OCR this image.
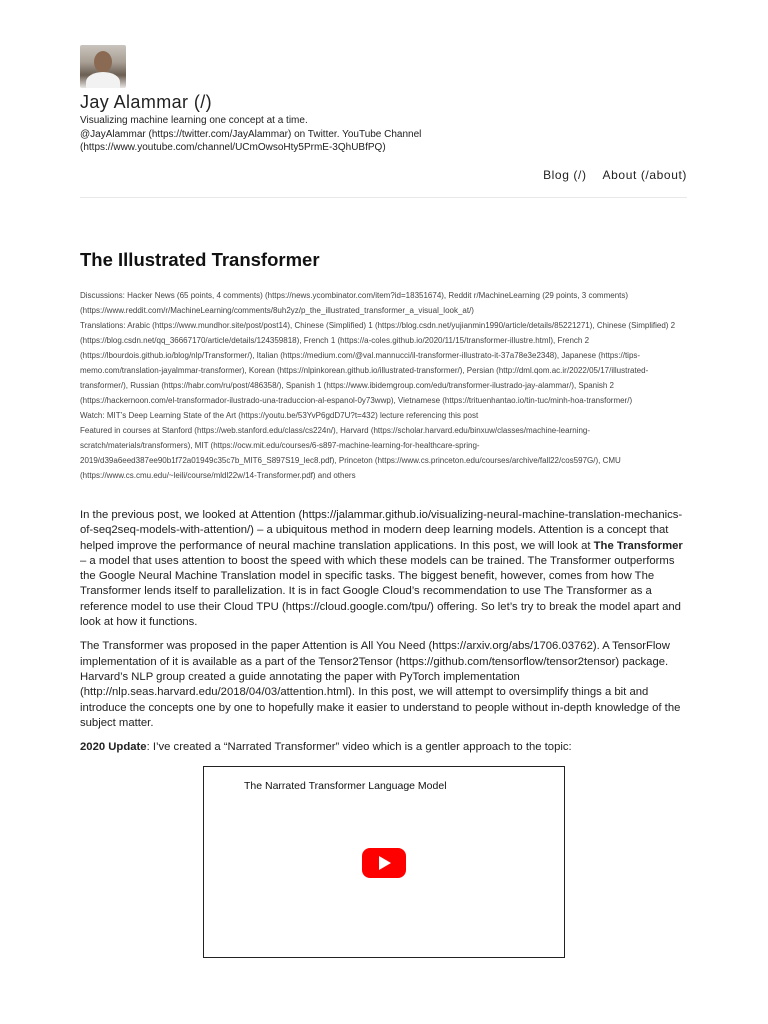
Jay Alammar (/)
Visualizing machine learning one concept at a time.
@JayAlammar (https://twitter.com/JayAlammar) on Twitter. YouTube Channel (https://www.youtube.com/channel/UCmOwsoHty5PrmE-3QhUBfPQ)
Blog (/) About (/about)
The Illustrated Transformer

Discussions: Hacker News (65 points, 4 comments) (https://news.ycombinator.com/item?id=18351674), Reddit r/MachineLearning (29 points, 3 comments) (https://www.reddit.com/r/MachineLearning/comments/8uh2yz/p_the_illustrated_transformer_a_visual_look_at/)

Translations: Arabic (https://www.mundhor.site/post/post14), Chinese (Simplified) 1 (https://blog.csdn.net/yujianmin1990/article/details/85221271), Chinese (Simplified) 2 (https://blog.csdn.net/qq_36667170/article/details/124359818), French 1 (https://a-coles.github.io/2020/11/15/transformer-illustre.html), French 2 (https://lbourdois.github.io/blog/nlp/Transformer/), Italian (https://medium.com/@val.mannucci/il-transformer-illustrato-it-37a78e3e2348), Japanese (https://tips-memo.com/translation-jayalmmar-transformer), Korean (https://nlpinkorean.github.io/illustrated-transformer/), Persian (http://dml.qom.ac.ir/2022/05/17/illustrated-transformer/), Russian (https://habr.com/ru/post/486358/), Spanish 1 (https://www.ibidemgroup.com/edu/transformer-ilustrado-jay-alammar/), Spanish 2 (https://hackernoon.com/el-transformador-ilustrado-una-traduccion-al-espanol-0y73wwp), Vietnamese (https://trituenhantao.io/tin-tuc/minh-hoa-transformer/)

Watch: MIT’s Deep Learning State of the Art (https://youtu.be/53YvP6gdD7U?t=432) lecture referencing this post

Featured in courses at Stanford (https://web.stanford.edu/class/cs224n/), Harvard (https://scholar.harvard.edu/binxuw/classes/machine-learning-scratch/materials/transformers), MIT (https://ocw.mit.edu/courses/6-s897-machine-learning-for-healthcare-spring-2019/d39a6eed387ee90b1f72a01949c35c7b_MIT6_S897S19_lec8.pdf), Princeton (https://www.cs.princeton.edu/courses/archive/fall22/cos597G/), CMU (https://www.cs.cmu.edu/~leili/course/mldl22w/14-Transformer.pdf) and others

In the previous post, we looked at Attention (https://jalammar.github.io/visualizing-neural-machine-translation-mechanics-of-seq2seq-models-with-attention/) – a ubiquitous method in modern deep learning models. Attention is a concept that helped improve the performance of neural machine translation applications. In this post, we will look at The Transformer – a model that uses attention to boost the speed with which these models can be trained. The Transformer outperforms the Google Neural Machine Translation model in specific tasks. The biggest benefit, however, comes from how The Transformer lends itself to parallelization. It is in fact Google Cloud’s recommendation to use The Transformer as a reference model to use their Cloud TPU (https://cloud.google.com/tpu/) offering. So let’s try to break the model apart and look at how it functions.

The Transformer was proposed in the paper Attention is All You Need (https://arxiv.org/abs/1706.03762). A TensorFlow implementation of it is available as a part of the Tensor2Tensor (https://github.com/tensorflow/tensor2tensor) package. Harvard’s NLP group created a guide annotating the paper with PyTorch implementation (http://nlp.seas.harvard.edu/2018/04/03/attention.html). In this post, we will attempt to oversimplify things a bit and introduce the concepts one by one to hopefully make it easier to understand to people without in-depth knowledge of the subject matter.

2020 Update: I’ve created a “Narrated Transformer” video which is a gentler approach to the topic:

The Narrated Transformer Language Model
